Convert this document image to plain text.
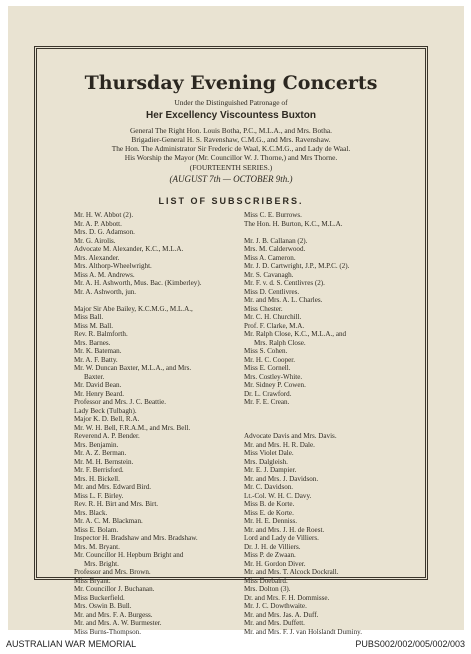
Thursday Evening Concerts
Under the Distinguished Patronage of
Her Excellency Viscountess Buxton
General The Right Hon. Louis Botha, P.C., M.L.A., and Mrs. Botha.
Brigadier-General H. S. Ravenshaw, C.M.G., and Mrs. Ravenshaw.
The Hon. The Administrator Sir Frederic de Waal, K.C.M.G., and Lady de Waal.
His Worship the Mayor (Mr. Councillor W. J. Thorne,) and Mrs Thorne.
(FOURTEENTH SERIES.)
(AUGUST 7th — OCTOBER 9th.)
LIST OF SUBSCRIBERS.
Mr. H. W. Abbot (2).
Mr. A. P. Abbott.
Mrs. D. G. Adamson.
Mr. G. Airolis.
Advocate M. Alexander, K.C., M.L.A.
Mrs. Alexander.
Mrs. Althorp-Wheelwright.
Miss A. M. Andrews.
Mr. A. H. Ashworth, Mus. Bac. (Kimberley).
Mr. A. Ashworth, jun.
Major Sir Abe Bailey, K.C.M.G., M.L.A.,
Miss Ball.
Miss M. Ball.
Rev. R. Balmforth.
Mrs. Barnes.
Mr. K. Bateman.
Mr. A. F. Batty.
Mr. W. Duncan Baxter, M.L.A., and Mrs.
Baxter.
Mr. David Bean.
Mr. Henry Beard.
Professor and Mrs. J. C. Beattie.
Lady Beck (Tulbagh).
Major K. D. Bell, R.A.
Mr. W. H. Bell, F.R.A.M., and Mrs. Bell.
Reverend A. P. Bender.
Mrs. Benjamin.
Mr. A. Z. Berman.
Mr. M. H. Bernstein.
Mr. F. Berrisford.
Mrs. H. Bickell.
Mr. and Mrs. Edward Bird.
Miss L. F. Birley.
Rev. R. H. Birt and Mrs. Birt.
Mrs. Black.
Mr. A. C. M. Blackman.
Miss E. Bolam.
Inspector H. Bradshaw and Mrs. Bradshaw.
Mrs. M. Bryant.
Mr. Councillor H. Hepburn Bright and
Mrs. Bright.
Professor and Mrs. Brown.
Miss Bryant.
Mr. Councillor J. Buchanan.
Miss Buckerfield.
Mrs. Oswin B. Bull.
Mr. and Mrs. F. A. Burgess.
Mr. and Mrs. A. W. Burmester.
Miss Burns-Thompson.
Miss C. E. Burrows.
The Hon. H. Burton, K.C., M.L.A.
Mr. J. B. Callanan (2).
Mrs. M. Calderwood.
Miss A. Cameron.
Mr. J. D. Cartwright, J.P., M.P.C. (2).
Mr. S. Cavanagh.
Mr. F. v. d. S. Centlivres (2).
Miss D. Centlivres.
Mr. and Mrs. A. L. Charles.
Miss Chester.
Mr. C. H. Churchill.
Prof. F. Clarke, M.A.
Mr. Ralph Close, K.C., M.L.A., and
Mrs. Ralph Close.
Miss S. Cohen.
Mr. H. C. Cooper.
Miss E. Cornell.
Mrs. Costley-White.
Mr. Sidney P. Cowen.
Dr. L. Crawford.
Mr. F. E. Crean.
Advocate Davis and Mrs. Davis.
Mr. and Mrs. H. R. Dale.
Miss Violet Dale.
Mrs. Dalgleish.
Mr. E. J. Dampier.
Mr. and Mrs. J. Davidson.
Mr. C. Davidson.
Lt.-Col. W. H. C. Davy.
Miss B. de Korte.
Miss E. de Korte.
Mr. H. E. Denniss.
Mr. and Mrs. J. H. de Roest.
Lord and Lady de Villiers.
Dr. J. H. de Villiers.
Miss P. de Zwaan.
Mr. H. Gordon Diver.
Mr. and Mrs. T. Alcock Dockrall.
Miss Doebaird.
Mrs. Dolton (3).
Dr. and Mrs. F. H. Dommisse.
Mr. J. C. Dowthwaite.
Mr. and Mrs. Jas. A. Duff.
Mr. and Mrs. Duffett.
Mr. and Mrs. F. J. van Holslandt Duminy.
AUSTRALIAN WAR MEMORIAL	PUBS002/002/005/002/003
